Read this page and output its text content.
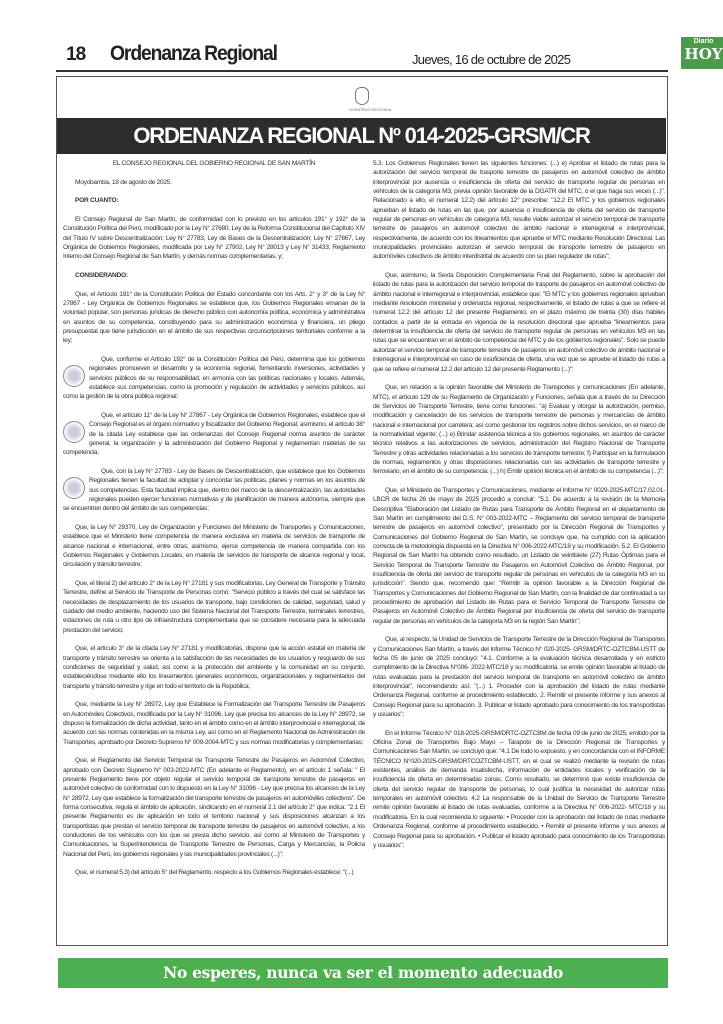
18 Ordenanza Regional	Jueves, 16 de octubre de 2025
Diario
HOY
GOBIERNO REGIONAL
ORDENANZA REGIONAL Nº 014-2025-GRSM/CR

EL CONSEJO REGIONAL DEL GOBIERNO REGIONAL DE SAN MARTÍN

Moyobamba, 18 de agosto de 2025.

POR CUANTO:

El Consejo Regional de San Martín, de conformidad con lo previsto en los artículos 191° y 192° de la Constitución Política del Perú, modificado por la Ley N° 27680, Ley de la Reforma Constitucional del Capítulo XIV del Título IV sobre Descentralización; Ley N° 27783, Ley de Bases de la Descentralización; Ley N° 27867, Ley Orgánica de Gobiernos Regionales, modificada por Ley N° 27902, Ley N° 28013 y Ley N° 31433; Reglamento Interno del Consejo Regional de San Martín, y demás normas complementarias, y;

CONSIDERANDO:

Que, el Artículo 191° de la Constitución Política del Estado concordante con los Arts. 2° y 3° de la Ley N° 27867 - Ley Orgánica de Gobiernos Regionales se establece que, los Gobiernos Regionales emanan de la voluntad popular, son personas jurídicas de derecho público con autonomía política, económica y administrativa en asuntos de su competencia, constituyendo para su administración económica y financiera, un pliego presupuestal que tiene jurisdicción en el ámbito de sus respectivas circunscripciones territoriales conforme a la ley;

Que, conforme el Artículo 192° de la Constitución Política del Perú, determina que los gobiernos regionales promueven el desarrollo y la economía regional, fomentando inversiones, actividades y servicios públicos de su responsabilidad, en armonía con las políticas nacionales y locales. Además, establece sus competencias, como la promoción y regulación de actividades y servicios públicos, así como la gestión de la obra pública regional;

Que, el artículo 11° de la Ley N° 27867 - Ley Orgánica de Gobiernos Regionales, establece que el Consejo Regional es el órgano normativo y fiscalizador del Gobierno Regional; asimismo, el artículo 38° de la citada Ley establece que las ordenanzas del Consejo Regional norma asuntos de carácter general, la organización y la administración del Gobierno Regional y reglamentan materias de su competencia;

Que, con la Ley N° 27783 - Ley de Bases de Descentralización, que establece que los Gobiernos Regionales tienen la facultad de adoptar y concordar las políticas, planes y normas en los asuntos de sus competencias. Esta facultad implica que, dentro del marco de la descentralización, las autoridades regionales pueden ejercer funciones normativas y de planificación de manera autónoma, siempre que se encuentren dentro del ámbito de sus competencias;

Que, la Ley N° 29370, Ley de Organización y Funciones del Ministerio de Transportes y Comunicaciones, establece que el Ministerio tiene competencia de manera exclusiva en materia de servicios de transporte de alcance nacional e internacional, entre otras; asimismo, ejerce competencia de manera compartida con los Gobiernos Regionales y Gobiernos Locales, en materia de servicios de transporte de alcance regional y local, circulación y tránsito terrestre;

Que, el literal 2) del artículo 2° de la Ley N° 27181 y sus modificatorias, Ley General de Transporte y Tránsito Terrestre, define al Servicio de Transporte de Personas como: "Servicio público a través del cual se satisface las necesidades de desplazamiento de los usuarios de transporte, bajo condiciones de calidad, seguridad, salud y cuidado del medio ambiente, haciendo uso del Sistema Nacional del Transporte Terrestre, terminales terrestres, estaciones de ruta u otro tipo de infraestructura complementaria que se considere necesaria para la adecuada prestación del servicio;

Que, el artículo 3° de la citada Ley N° 27181 y modificatorias, dispone que la acción estatal en materia de transporte y tránsito terrestre se orienta a la satisfacción de las necesidades de los usuarios y resguardo de sus condiciones de seguridad y salud, así como a la protección del ambiente y la comunidad en su conjunto, estableciéndose mediante ello los lineamientos generales económicos, organizacionales y reglamentarios del transporte y tránsito terrestre y rige en todo el territorio de la República;

Que, mediante la Ley N° 28972, Ley que Establece la Formalización del Transporte Terrestre de Pasajeros en Automóviles Colectivos, modificada por la Ley N° 31096, Ley que precisa los alcances de la Ley N° 28972, se dispuso la formalización de dicha actividad, tanto en el ámbito como en el ámbito interprovincial e interregional, de acuerdo con las normas contenidas en la misma Ley, así como en el Reglamento Nacional de Administración de Transportes, aprobado por Decreto Supremo N° 009-2004-MTC y sus normas modificatorias y complementarias;

Que, el Reglamento del Servicio Temporal de Transporte Terrestre de Pasajeros en Automóvil Colectivo, aprobado con Decreto Supremo N° 003-2022-MTC (En adelante el Reglamento), en el artículo 1 señala: " El presente Reglamento tiene por objeto regular el servicio temporal de transporte terrestre de pasajeros en automóvil colectivo de conformidad con lo dispuesto en la Ley N° 31096 - Ley que precisa los alcances de la Ley N° 28972, Ley que establece la formalización del transporte terrestre de pasajeros en automóviles colectivos". De forma consecutiva, regula el ámbito de aplicación, sindicando en el numeral 2.1 del artículo 2° que indica: "2.1 El presente Reglamento es de aplicación en todo el territorio nacional y sus disposiciones alcanzan a los transportistas que prestan el servicio temporal de transporte terrestre de pasajeros en automóvil colectivo, a los conductores de los vehículos con los que se presta dicho servicio, así como al Ministerio de Transportes y Comunicaciones, la Superintendencia de Transporte Terrestre de Personas, Carga y Mercancías, la Policía Nacional del Perú, los gobiernos regionales y las municipalidades provinciales (...)";

Que, el numeral 5.3) del artículo 5° del Reglamento, respecto a los Gobiernos Regionales establece: "(...)

5.3. Los Gobiernos Regionales tienen las siguientes funciones: (...) e) Aprobar el listado de rutas para la autorización del servicio temporal de trasporte terrestre de pasajeros en automóvil colectivo de ámbito interprovincial por ausencia o insuficiencia de oferta del servicio de transporte regular de personas en vehículos de la categoría M3, previa opinión favorable de la DGATR del MTC, o el que haga sus veces (...)". Relacionado a ello, el numeral 12.2) del artículo 12° prescribe: "12.2 El MTC y los gobiernos regionales aprueban el listado de rutas en las que, por ausencia o insuficiencia de oferta del servicio de transporte regular de personas en vehículos de categoría M3, resulte viable autorizar el servicio temporal de transporte terrestre de pasajeros en automóvil colectivo de ámbito nacional e interregional e interprovincial, respectivamente, de acuerdo con los lineamientos que apruebe el MTC mediante Resolución Directoral. Las municipalidades provinciales autorizan el servicio temporal de transporte terrestre de pasajeros en automóviles colectivos de ámbito interdistrital de acuerdo con su plan regulador de rutas";

Que, asimismo, la Sexta Disposición Complementaria Final del Reglamento, sobre la aprobación del listado de rutas para la autorización del servicio temporal de trasporte de pasajeros en automóvil colectivo de ámbito nacional e interregional e interprovincial, establece que: "El MTC y los gobiernos regionales aprueban mediante resolución ministerial y ordenanza regional, respectivamente, el listado de rutas a que se refiere el numeral 12.2 del artículo 12 del presente Reglamento; en el plazo máximo de treinta (30) días hábiles contados a partir de la entrada en vigencia de la resolución directoral que aprueba "lineamientos para determinar la insuficiencia de oferta del servicio de transporte regular de personas en vehículos M3 en las rutas que se encuentran en el ámbito de competencia del MTC y de los gobiernos regionales". Solo se puede autorizar el servicio temporal de transporte terrestre de pasajeros en automóvil colectivo de ámbito nacional e interregional e interprovincial en caso de insuficiencia de oferta, una vez que se apruebe el listado de rutas a que se refiere el numeral 12.2 del artículo 12 del presente Reglamento (...)";

Que, en relación a la opinión favorable del Ministerio de Transportes y comunicaciones (En adelante, MTC), el artículo 129 de su Reglamento de Organización y Funciones, señala que a través de su Dirección de Servicios de Transporte Terrestre, tiene como funciones: "a) Evaluar y otorgar la autorización, permiso, modificación y cancelación de los servicios de transporte terrestre de personas y mercancías de ámbito nacional e internacional por carretera; así como gestionar los registros sobre dichos servicios, en el marco de la normatividad vigente; (...) e) Brindar asistencia técnica a los gobiernos regionales, en asuntos de carácter técnico relativos a las autorizaciones de servicios, administración del Registro Nacional de Transporte Terrestre y otras actividades relacionadas a los servicios de transporte terrestre; f) Participar en la formulación de normas, reglamentos y otras disposiciones relacionadas con las actividades de transporte terrestre y ferroviario, en el ámbito de su competencia; (...) h) Emitir opinión técnica en el ámbito de su competencia (...)";

Que, el Ministerio de Transportes y Comunicaciones, mediante el Informe N° 0029-2025-MTC/17.02.01-LBCR de fecha 26 de mayo de 2025 procedió a concluir: "5.1. De acuerdo a la revisión de la Memoria Descriptiva "Elaboración del Listado de Rutas para Transporte de Ámbito Regional en el departamento de San Martín en cumplimiento del D.S. N° 003-2022-MTC – Reglamento del servicio temporal de transporte terrestre de pasajeros en automóvil colectivo", presentado por la Dirección Regional de Transportes y Comunicaciones del Gobierno Regional de San Martín, se concluye que, ha cumplido con la aplicación correcta de la metodología dispuesta en la Directiva N° 006-2022-MTC/18 y su modificación. 5.2. El Gobierno Regional de San Martín ha obtenido como resultado, un Listado de veintisiete (27) Rutas Óptimas para el Servicio Temporal de Transporte Terrestre de Pasajeros en Automóvil Colectivo de Ámbito Regional, por insuficiencia de oferta del servicio de transporte regular de personas en vehículos de la categoría M3 en su jurisdicción". Siendo que, recomendó que: "Remitir la opinión favorable a la Dirección Regional de Transportes y Comunicaciones del Gobierno Regional de San Martín, con la finalidad de dar continuidad a su procedimiento de aprobación del Listado de Rutas para el Servicio Temporal de Transporte Terrestre de Pasajeros en Automóvil Colectivo de Ámbito Regional por insuficiencia de oferta del servicio de transporte regular de personas en vehículos de la categoría M3 en la región San Martín";

Que, al respecto, la Unidad de Servicios de Transporte Terrestre de la Dirección Regional de Transportes y Comunicaciones San Martín, a través del Informe Técnico N° 020-2025- GRSM/DRTC-OZTCBM-USTT de fecha 05 de junio de 2025 concluyó: "4.1. Conforme a la evaluación técnica desarrollada y en estricto cumplimiento de la Directiva N°006- 2022-MTC/18 y su modificatoria, se emite opinión favorable al listado de rutas evaluadas para la prestación del servicio temporal de transporte en automóvil colectivo de ámbito interprovincial", recomendando así: "(...) 1. Proceder con la aprobación del listado de rutas mediante Ordenanza Regional, conforme al procedimiento establecido. 2. Remitir el presente informe y sus anexos al Consejo Regional para su aprobación. 3. Publicar el listado aprobado para conocimiento de los transportistas y usuarios";

En el Informe Técnico N° 018-2025-GRSM/DRTC-OZTCBM de fecha 09 de junio de 2025, emitido por la Oficina Zonal de Transportes Bajo Mayo – Tarapoto de la Dirección Regional de Transportes y Comunicaciones San Martín, se concluyó que: "4.1 De todo lo expuesto, y en concordancia con el INFORME TÉCNICO N°020-2025-GRSM/DRTCOZTCBM-USTT, en el cual se realizó mediante la revisión de rutas existentes, análisis de demanda insatisfecha, información de entidades locales y verificación de la insuficiencia de oferta en determinadas zonas. Como resultado, se determinó que existe insuficiencia de oferta del servicio regular de transporte de personas, lo cual justifica la necesidad de autorizar rutas temporales en automóvil colectivo. 4.2 La responsable de la Unidad de Servicio de Transporte Terrestre remite opinión favorable al listado de rutas evaluadas, conforme a la Directiva N° 006-2022- MTC/18 y su modificatoria. En la cual recomienda lo siguiente: • Proceder con la aprobación del listado de rutas mediante Ordenanza Regional, conforme al procedimiento establecido. • Remitir el presente informe y sus anexos al Consejo Regional para su aprobación. • Publicar el listado aprobado para conocimiento de los Transportistas y usuarios";

No esperes, nunca va ser el momento adecuado
